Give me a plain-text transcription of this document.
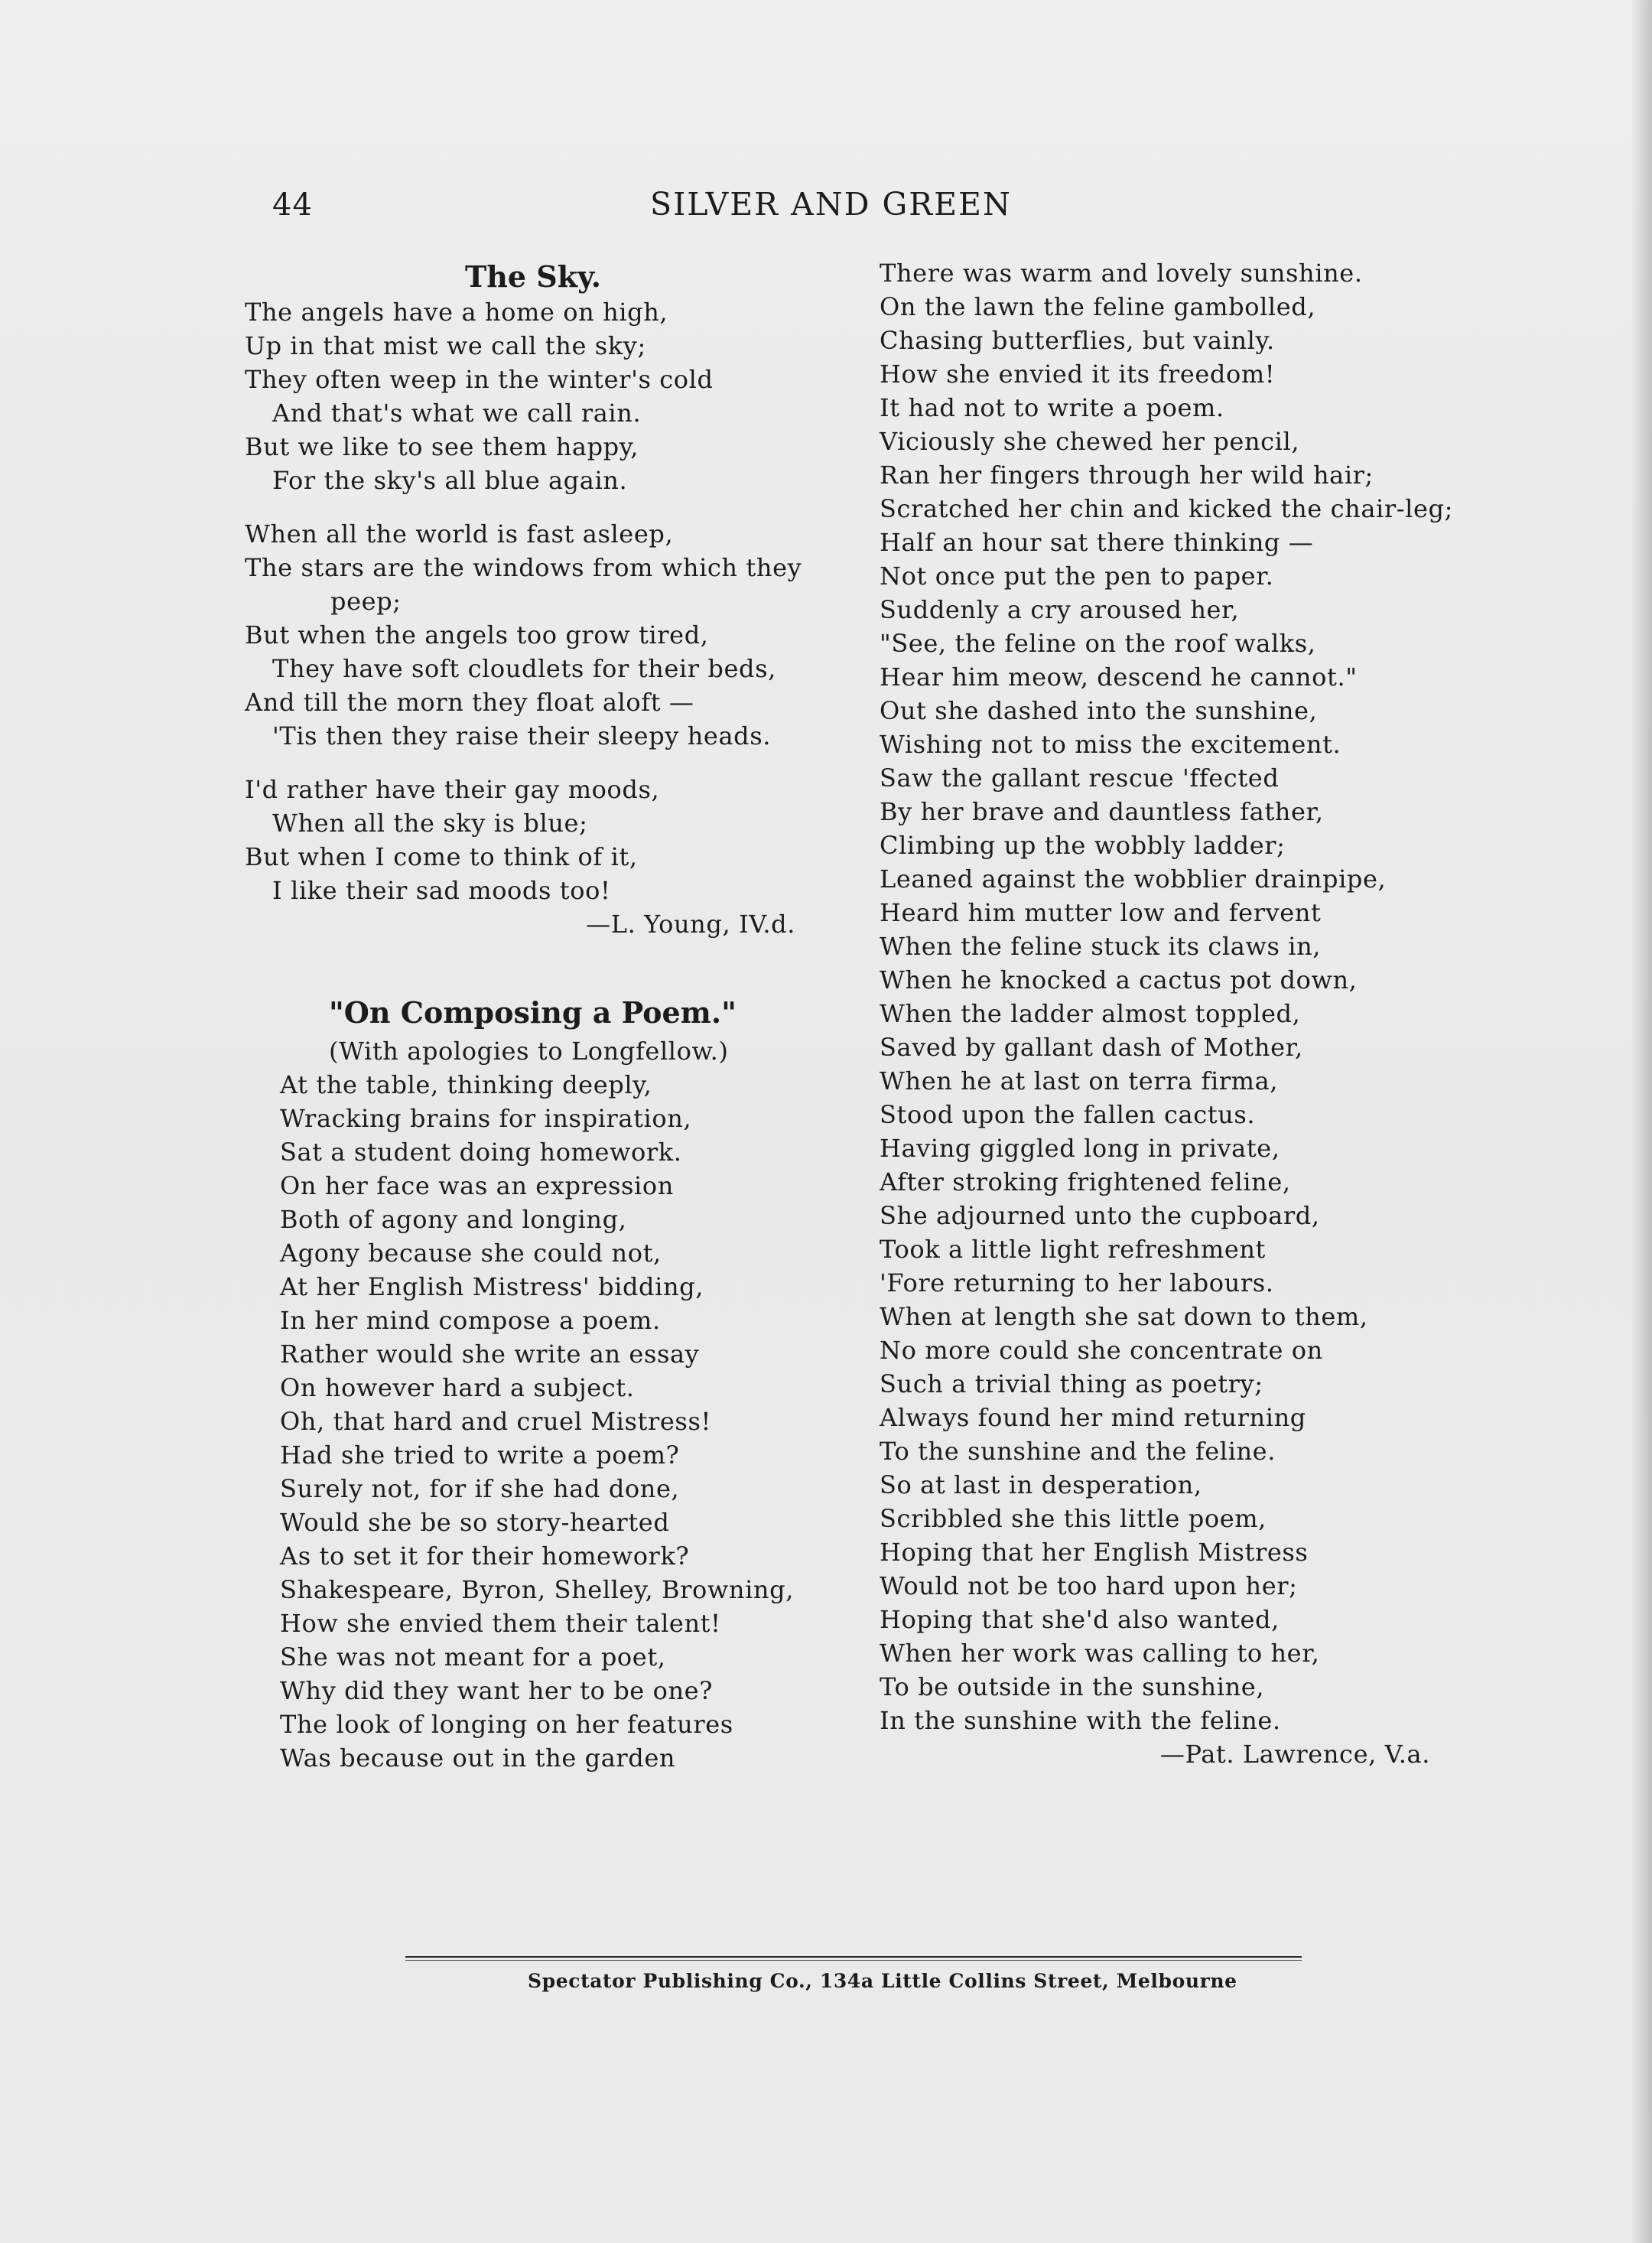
44	SILVER AND GREEN
The Sky.
The angels have a home on high,
Up in that mist we call the sky;
They often weep in the winter's cold
And that's what we call rain.
But we like to see them happy,
For the sky's all blue again.
When all the world is fast asleep,
The stars are the windows from which they
peep;
But when the angels too grow tired,
They have soft cloudlets for their beds,
And till the morn they float aloft —
'Tis then they raise their sleepy heads.
I'd rather have their gay moods,
When all the sky is blue;
But when I come to think of it,
I like their sad moods too!
—L. Young, IV.d.
"On Composing a Poem."
(With apologies to Longfellow.)
At the table, thinking deeply,
Wracking brains for inspiration,
Sat a student doing homework.
On her face was an expression
Both of agony and longing,
Agony because she could not,
At her English Mistress' bidding,
In her mind compose a poem.
Rather would she write an essay
On however hard a subject.
Oh, that hard and cruel Mistress!
Had she tried to write a poem?
Surely not, for if she had done,
Would she be so story-hearted
As to set it for their homework?
Shakespeare, Byron, Shelley, Browning,
How she envied them their talent!
She was not meant for a poet,
Why did they want her to be one?
The look of longing on her features
Was because out in the garden
There was warm and lovely sunshine.
On the lawn the feline gambolled,
Chasing butterflies, but vainly.
How she envied it its freedom!
It had not to write a poem.
Viciously she chewed her pencil,
Ran her fingers through her wild hair;
Scratched her chin and kicked the chair-leg;
Half an hour sat there thinking —
Not once put the pen to paper.
Suddenly a cry aroused her,
"See, the feline on the roof walks,
Hear him meow, descend he cannot."
Out she dashed into the sunshine,
Wishing not to miss the excitement.
Saw the gallant rescue 'ffected
By her brave and dauntless father,
Climbing up the wobbly ladder;
Leaned against the wobblier drainpipe,
Heard him mutter low and fervent
When the feline stuck its claws in,
When he knocked a cactus pot down,
When the ladder almost toppled,
Saved by gallant dash of Mother,
When he at last on terra firma,
Stood upon the fallen cactus.
Having giggled long in private,
After stroking frightened feline,
She adjourned unto the cupboard,
Took a little light refreshment
'Fore returning to her labours.
When at length she sat down to them,
No more could she concentrate on
Such a trivial thing as poetry;
Always found her mind returning
To the sunshine and the feline.
So at last in desperation,
Scribbled she this little poem,
Hoping that her English Mistress
Would not be too hard upon her;
Hoping that she'd also wanted,
When her work was calling to her,
To be outside in the sunshine,
In the sunshine with the feline.
—Pat. Lawrence, V.a.
Spectator Publishing Co., 134a Little Collins Street, Melbourne
